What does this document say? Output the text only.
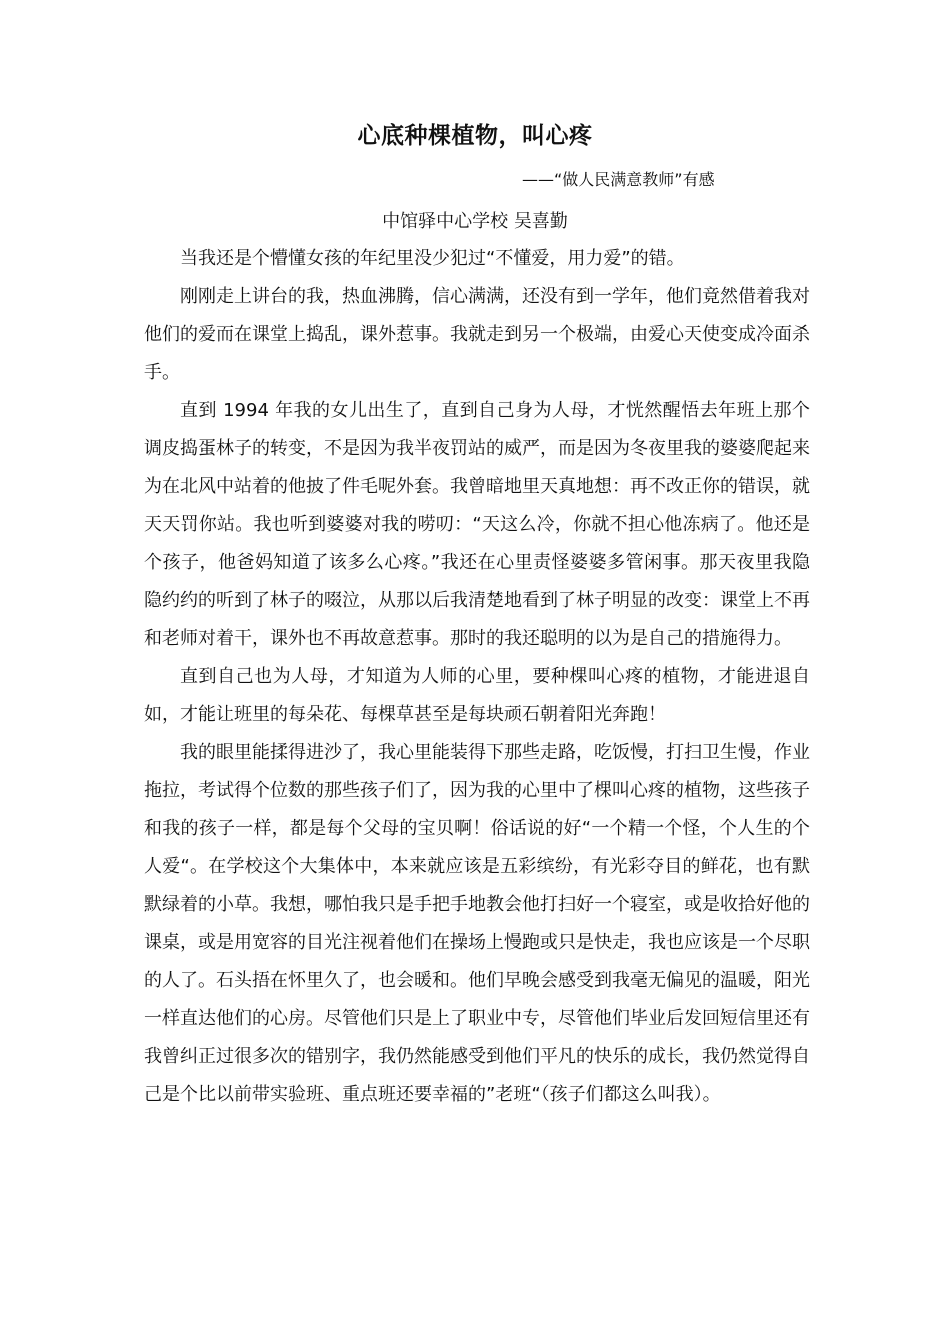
心底种棵植物，叫心疼
——“做人民满意教师”有感
中馆驿中心学校 吴喜勤

当我还是个懵懂女孩的年纪里没少犯过“不懂爱，用力爱”的错。

刚刚走上讲台的我，热血沸腾，信心满满，还没有到一学年，他们竟然借着我对他们的爱而在课堂上捣乱，课外惹事。我就走到另一个极端，由爱心天使变成冷面杀手。

直到 1994 年我的女儿出生了，直到自己身为人母，才恍然醒悟去年班上那个调皮捣蛋林子的转变，不是因为我半夜罚站的威严，而是因为冬夜里我的婆婆爬起来为在北风中站着的他披了件毛呢外套。我曾暗地里天真地想：再不改正你的错误，就天天罚你站。我也听到婆婆对我的唠叨：“天这么冷，你就不担心他冻病了。他还是个孩子，他爸妈知道了该多么心疼。”我还在心里责怪婆婆多管闲事。那天夜里我隐隐约约的听到了林子的啜泣，从那以后我清楚地看到了林子明显的改变：课堂上不再和老师对着干，课外也不再故意惹事。那时的我还聪明的以为是自己的措施得力。

直到自己也为人母，才知道为人师的心里，要种棵叫心疼的植物，才能进退自如，才能让班里的每朵花、每棵草甚至是每块顽石朝着阳光奔跑！

我的眼里能揉得进沙了，我心里能装得下那些走路，吃饭慢，打扫卫生慢，作业拖拉，考试得个位数的那些孩子们了，因为我的心里中了棵叫心疼的植物，这些孩子和我的孩子一样，都是每个父母的宝贝啊！俗话说的好“一个精一个怪，个人生的个人爱“。在学校这个大集体中，本来就应该是五彩缤纷，有光彩夺目的鲜花，也有默默绿着的小草。我想，哪怕我只是手把手地教会他打扫好一个寝室，或是收拾好他的课桌，或是用宽容的目光注视着他们在操场上慢跑或只是快走，我也应该是一个尽职的人了。石头捂在怀里久了，也会暖和。他们早晚会感受到我毫无偏见的温暖，阳光一样直达他们的心房。尽管他们只是上了职业中专，尽管他们毕业后发回短信里还有我曾纠正过很多次的错别字，我仍然能感受到他们平凡的快乐的成长，我仍然觉得自己是个比以前带实验班、重点班还要幸福的”老班“（孩子们都这么叫我）。
